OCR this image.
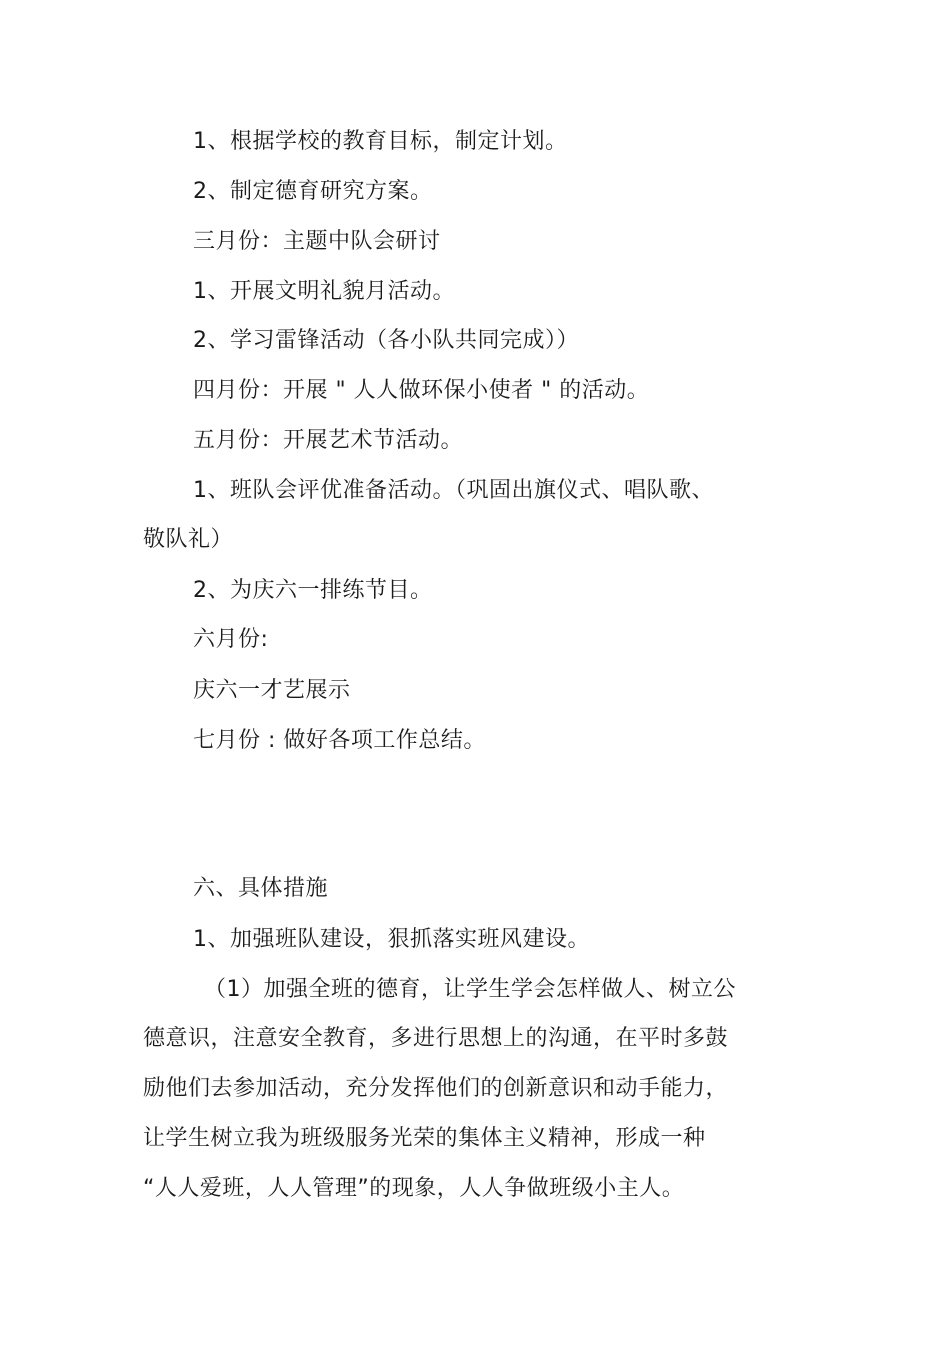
1、根据学校的教育目标，制定计划。
2、制定德育研究方案。
三月份：主题中队会研讨
1、开展文明礼貌月活动。
2、学习雷锋活动（各小队共同完成））
四月份：开展 " 人人做环保小使者 " 的活动。
五月份：开展艺术节活动。
1、班队会评优准备活动。（巩固出旗仪式、唱队歌、
敬队礼）
2、为庆六一排练节目。
六月份:
庆六一才艺展示
七月份 : 做好各项工作总结。
六、具体措施
1、加强班队建设，狠抓落实班风建设。
（1）加强全班的德育，让学生学会怎样做人、树立公
德意识，注意安全教育，多进行思想上的沟通，在平时多鼓
励他们去参加活动，充分发挥他们的创新意识和动手能力，
让学生树立我为班级服务光荣的集体主义精神，形成一种
“人人爱班，人人管理”的现象，人人争做班级小主人。
